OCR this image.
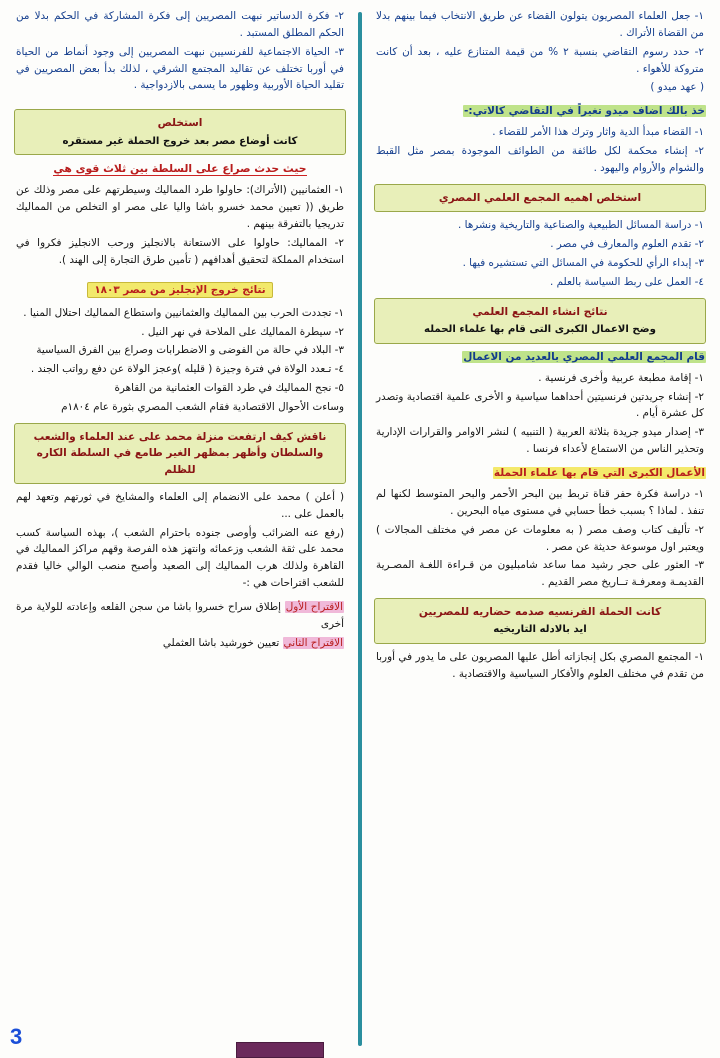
٢- فكرة الدساتير نبهت المصريين إلى فكرة المشاركة في الحكم بدلا من الحكم المطلق المستبد .
٣- الحياة الاجتماعية للفرنسيين نبهت المصريين إلى وجود أنماط من الحياة في أوربا تختلف عن تقاليد المجتمع الشرقي ، لذلك بدأ بعض المصريين في تقليد الحياة الأوربية وظهور ما يسمى بالازدواجية .
استخلص
كانت أوضاع مصر بعد خروج الحملة غير مستقره
حيث حدث صراع على السلطة بين ثلاث قوى هي
١- العثمانيين (الأتراك): حاولوا طرد المماليك وسيطرتهم على مصر وذلك عن طريق (( تعيين محمد خسرو باشا واليا على مصر او التخلص من المماليك تدريجيا بالتفرقة بينهم .
٢- المماليك: حاولوا على الاستعانة بالانجليز ورحب الانجليز فكروا في استخدام المملكة لتحقيق أهدافهم ( تأمين طرق التجارة إلى الهند ).
نتائج خروج الإنجليز من مصر ١٨٠٣
١- تجددت الحرب بين المماليك والعثمانيين واستطاع المماليك احتلال المنيا .
٢- سيطرة المماليك على الملاحة في نهر النيل .
٣- البلاد في حالة من الفوضى و الاضطرابات وصراع بين الفرق السياسية
٤- تـعدد الولاة في فترة وجيزة ( قليله )وعجز الولاة عن دفع رواتب الجند .
٥- نجح المماليك في طرد القوات العثمانية من القاهرة
وساءت الأحوال الاقتصادية فقام الشعب المصري بثورة عام ١٨٠٤م
ناقش كيف ارتفعت منزلة محمد على عند العلماء والشعب والسلطان وأظهر بمظهر الغير طامع في السلطة الكاره للظلم
( أعلن ) محمد على الانضمام إلى العلماء والمشايخ في ثورتهم وتعهد لهم بالعمل على ...
(رفع عنه الضرائب وأوصى جنوده باحترام الشعب )، بهذه السياسة كسب محمد على ثقة الشعب وزعمائه وانتهز هذه الفرصة وقهم مراكز المماليك في القاهرة ولذلك هرب المماليك إلى الصعيد وأصبح منصب الوالي خاليا فقدم للشعب اقتراحات هي :-
الاقتراح الأول إطلاق سراح خسروا باشا من سجن القلعه وإعادته للولاية مرة أخرى
الاقتراح الثاني تعيين خورشيد باشا العثملي
١- جعل العلماء المصريون يتولون القضاء عن طريق الانتخاب فيما بينهم بدلا من القضاة الأتراك .
٢- حدد رسوم التقاضي بنسبة ٢ % من قيمة المتنازع عليه ، بعد أن كانت متروكة للأهواء .
( عهد ميدو )
خذ بالك اضاف ميدو تغيراً في التقاضي كالاتي:-
١- القضاء مبدأ الدية واثار وترك هذا الأمر للقضاء .
٢- إنشاء محكمة لكل طائفة من الطوائف الموجودة بمصر مثل القبط والشوام والأروام واليهود .
استخلص اهميه المجمع العلمي المصري
١- دراسة المسائل الطبيعية والصناعية والتاريخية ونشرها .
٢- تقدم العلوم والمعارف في مصر .
٣- إبداء الرأي للحكومة في المسائل التي تستشيره فيها .
٤- العمل على ربط السياسة بالعلم .
نتائج انشاء المجمع العلمي
وضح الاعمال الكبرى التى قام بها علماء الحمله
قام المجمع العلمي المصري بالعديد من الاعمال
١- إقامة مطبعة عربية وأخرى فرنسية .
٢- إنشاء جريدتين فرنسيتين أحداهما سياسية و الأخرى علمية اقتصادية وتصدر كل عشرة أيام .
٣- إصدار ميدو جريدة بثلاثة العربية ( التنبيه ) لنشر الاوامر والقرارات الإدارية وتحذير الناس من الاستماع لأعداء فرنسا .
الأعمال الكبرى التي قام بها علماء الحملة
١- دراسة فكرة حفر قناة تربط بين البحر الأحمر والبحر المتوسط لكنها لم تنفذ . لماذا ؟ بسبب خطأ حسابي في مستوى مياه البحرين .
٢- تأليف كتاب وصف مصر ( به معلومات عن مصر في مختلف المجالات ) ويعتبر اول موسوعة حديثة عن مصر .
٣- العثور على حجر رشيد مما ساعد شامبليون من قـراءة اللغـة المصـرية القديمـة ومعرفـة تــاريخ مصر القديم .
كانت الحملة الفرنسيه صدمه حضاريه للمصريين
ايد بالادله التاريخيه
١- المجتمع المصري بكل إنجازاته أطل عليها المصريون على ما يدور في أوربا من تقدم في مختلف العلوم والأفكار السياسية والاقتصادية .
3
